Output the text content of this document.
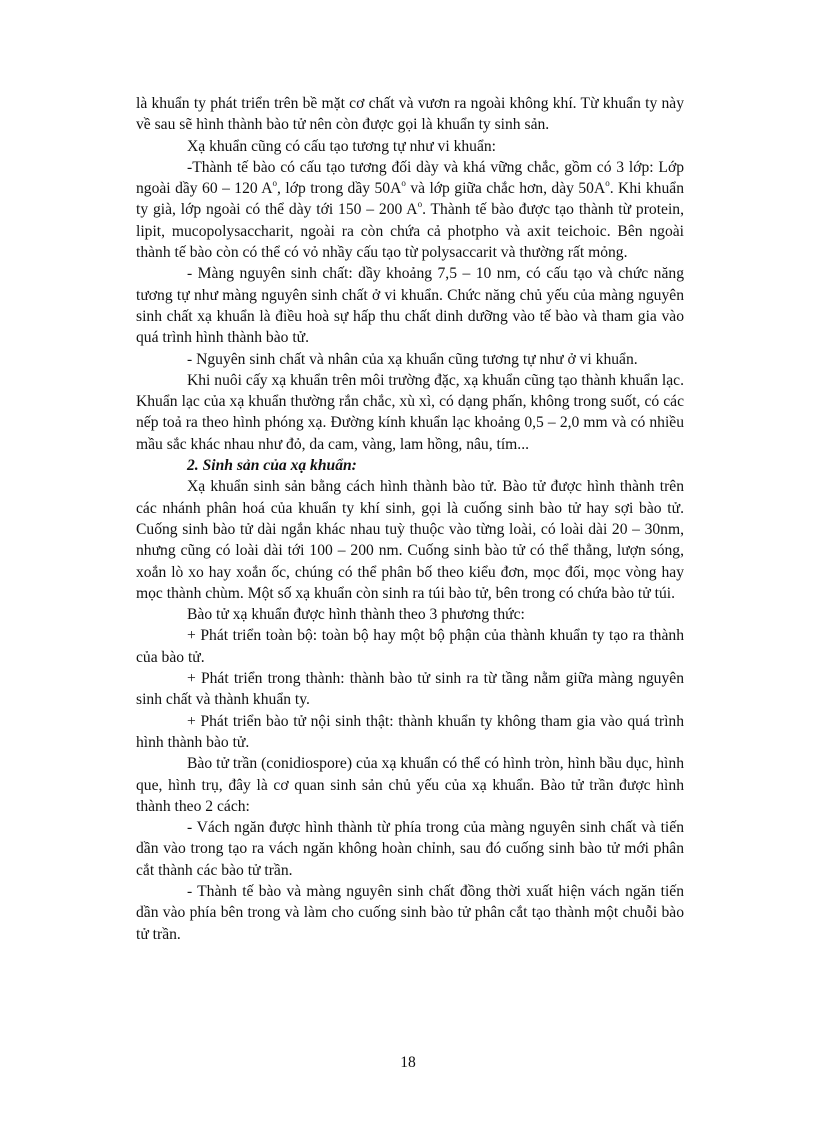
là khuẩn ty phát triển trên bề mặt cơ chất và vươn ra ngoài không khí. Từ khuẩn ty này về sau sẽ hình thành bào tử nên còn được gọi là khuẩn ty sinh sản.

Xạ khuẩn cũng có cấu tạo tương tự như vi khuẩn:

-Thành tế bào có cấu tạo tương đối dày và khá vững chắc, gồm có 3 lớp: Lớp ngoài dầy 60 – 120 $A^o$, lớp trong dầy $50A^o$ và lớp giữa chắc hơn, dày $50A^o$. Khi khuẩn ty già, lớp ngoài có thể dày tới 150 – 200 $A^o$. Thành tế bào được tạo thành từ protein, lipit, mucopolysaccharit, ngoài ra còn chứa cả photpho và axit teichoic. Bên ngoài thành tế bào còn có thể có vỏ nhầy cấu tạo từ polysaccarit và thường rất mỏng.

- Màng nguyên sinh chất: dầy khoảng 7,5 – 10 nm, có cấu tạo và chức năng tương tự như màng nguyên sinh chất ở vi khuẩn. Chức năng chủ yếu của màng nguyên sinh chất xạ khuẩn là điều hoà sự hấp thu chất dinh dưỡng vào tế bào và tham gia vào quá trình hình thành bào tử.

- Nguyên sinh chất và nhân của xạ khuẩn cũng tương tự như ở vi khuẩn.

Khi nuôi cấy xạ khuẩn trên môi trường đặc, xạ khuẩn cũng tạo thành khuẩn lạc. Khuẩn lạc của xạ khuẩn thường rắn chắc, xù xì, có dạng phấn, không trong suốt, có các nếp toả ra theo hình phóng xạ. Đường kính khuẩn lạc khoảng 0,5 – 2,0 mm và có nhiều mầu sắc khác nhau như đỏ, da cam, vàng, lam hồng, nâu, tím...

2. Sinh sản của xạ khuẩn:

Xạ khuẩn sinh sản bằng cách hình thành bào tử. Bào tử được hình thành trên các nhánh phân hoá của khuẩn ty khí sinh, gọi là cuống sinh bào tử hay sợi bào tử. Cuống sinh bào tử dài ngắn khác nhau tuỳ thuộc vào từng loài, có loài dài 20 – 30nm, nhưng cũng có loài dài tới 100 – 200 nm. Cuống sinh bào tử có thể thẳng, lượn sóng, xoắn lò xo hay xoắn ốc, chúng có thể phân bố theo kiểu đơn, mọc đối, mọc vòng hay mọc thành chùm. Một số xạ khuẩn còn sinh ra túi bào tử, bên trong có chứa bào tử túi.

Bào tử xạ khuẩn được hình thành theo 3 phương thức:

+ Phát triển toàn bộ: toàn bộ hay một bộ phận của thành khuẩn ty tạo ra thành của bào tử.

+ Phát triển trong thành: thành bào tử sinh ra từ tầng nằm giữa màng nguyên sinh chất và thành khuẩn ty.

+ Phát triển bào tử nội sinh thật: thành khuẩn ty không tham gia vào quá trình hình thành bào tử.

Bào tử trần (conidiospore) của xạ khuẩn có thể có hình tròn, hình bầu dục, hình que, hình trụ, đây là cơ quan sinh sản chủ yếu của xạ khuẩn. Bào tử trần được hình thành theo 2 cách:

- Vách ngăn được hình thành từ phía trong của màng nguyên sinh chất và tiến dần vào trong tạo ra vách ngăn không hoàn chỉnh, sau đó cuống sinh bào tử mới phân cắt thành các bào tử trần.

- Thành tế bào và màng nguyên sinh chất đồng thời xuất hiện vách ngăn tiến dần vào phía bên trong và làm cho cuống sinh bào tử phân cắt tạo thành một chuỗi bào tử trần.

18
